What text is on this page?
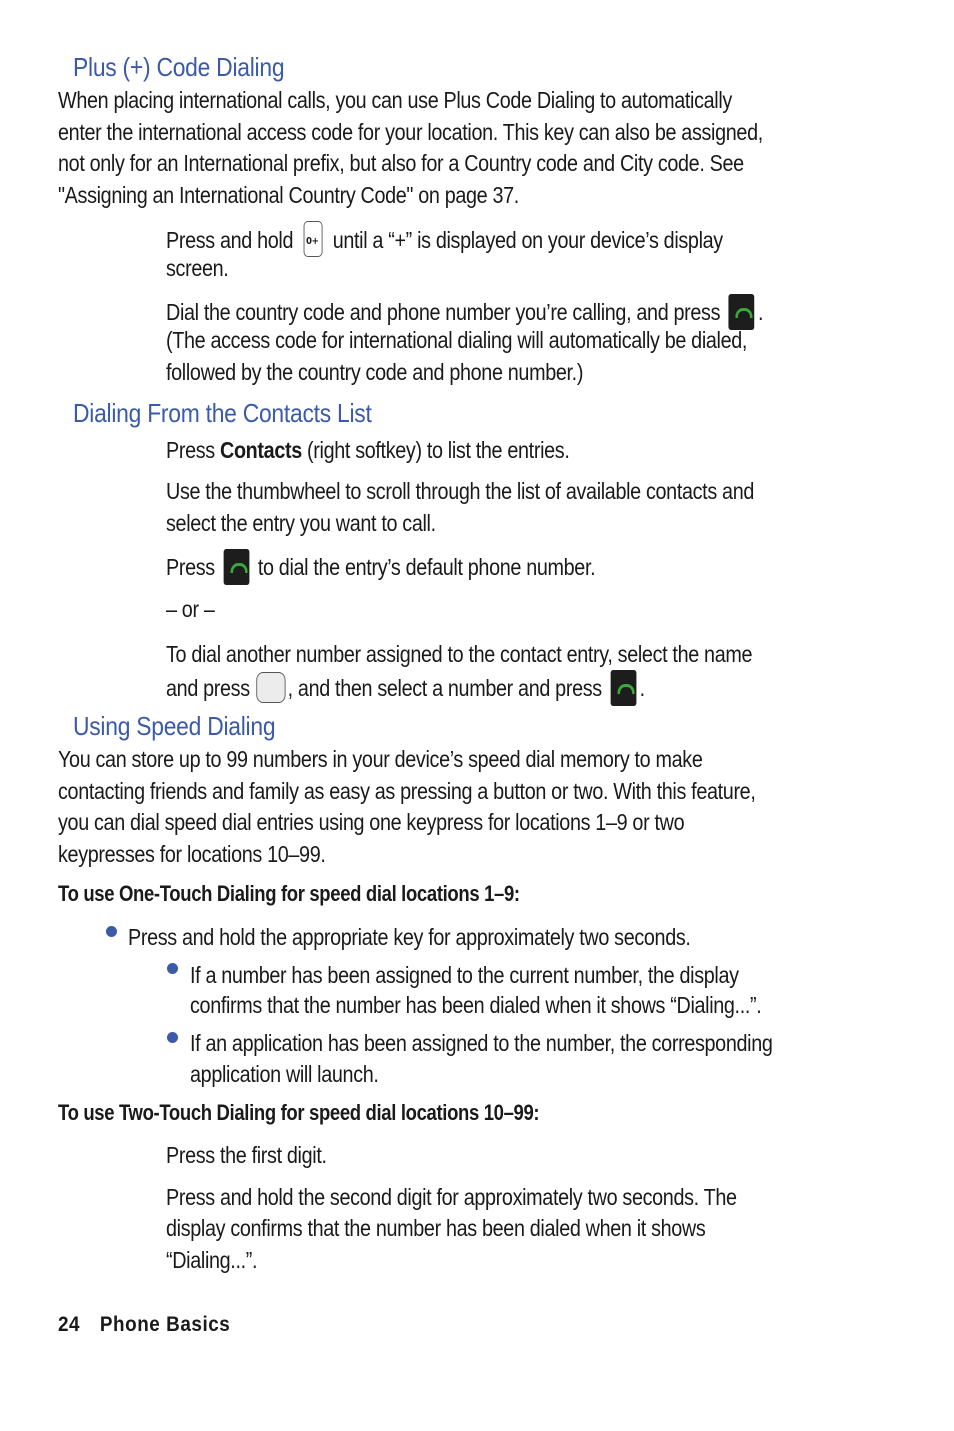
Plus (+) Code Dialing
When placing international calls, you can use Plus Code Dialing to automatically
enter the international access code for your location. This key can also be assigned,
not only for an International prefix, but also for a Country code and City code. See
"Assigning an International Country Code" on page 37.
Press and hold 0+ until a “+” is displayed on your device’s display
screen.
Dial the country code and phone number you’re calling, and press .
(The access code for international dialing will automatically be dialed,
followed by the country code and phone number.)
Dialing From the Contacts List
Press Contacts (right softkey) to list the entries.
Use the thumbwheel to scroll through the list of available contacts and
select the entry you want to call.
Press to dial the entry’s default phone number.
– or –
To dial another number assigned to the contact entry, select the name
and press , and then select a number and press .
Using Speed Dialing
You can store up to 99 numbers in your device’s speed dial memory to make
contacting friends and family as easy as pressing a button or two. With this feature,
you can dial speed dial entries using one keypress for locations 1–9 or two
keypresses for locations 10–99.
To use One-Touch Dialing for speed dial locations 1–9:
Press and hold the appropriate key for approximately two seconds.
If a number has been assigned to the current number, the display
confirms that the number has been dialed when it shows “Dialing...”.
If an application has been assigned to the number, the corresponding
application will launch.
To use Two-Touch Dialing for speed dial locations 10–99:
Press the first digit.
Press and hold the second digit for approximately two seconds. The
display confirms that the number has been dialed when it shows
“Dialing...”.
24 Phone Basics
